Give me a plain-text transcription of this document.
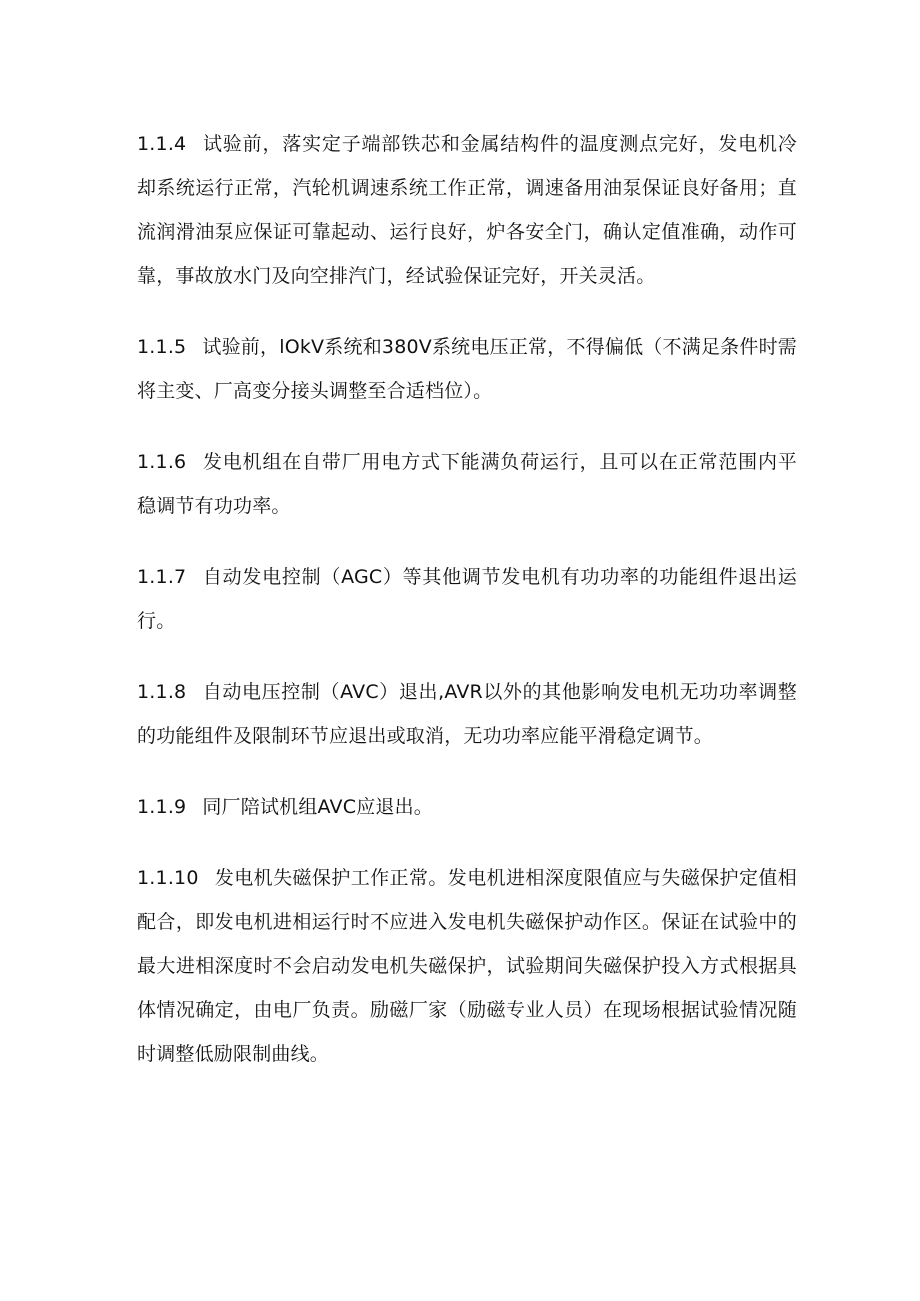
1.1.4 试验前，落实定子端部铁芯和金属结构件的温度测点完好，发电机冷却系统运行正常，汽轮机调速系统工作正常，调速备用油泵保证良好备用；直流润滑油泵应保证可靠起动、运行良好，炉各安全门，确认定值准确，动作可靠，事故放水门及向空排汽门，经试验保证完好，开关灵活。

1.1.5 试验前，lOkV系统和380V系统电压正常，不得偏低（不满足条件时需将主变、厂高变分接头调整至合适档位）。

1.1.6 发电机组在自带厂用电方式下能满负荷运行，且可以在正常范围内平稳调节有功功率。

1.1.7 自动发电控制（AGC）等其他调节发电机有功功率的功能组件退出运行。

1.1.8 自动电压控制（AVC）退出,AVR以外的其他影响发电机无功功率调整的功能组件及限制环节应退出或取消，无功功率应能平滑稳定调节。

1.1.9 同厂陪试机组AVC应退出。

1.1.10 发电机失磁保护工作正常。发电机进相深度限值应与失磁保护定值相配合，即发电机进相运行时不应进入发电机失磁保护动作区。保证在试验中的最大进相深度时不会启动发电机失磁保护，试验期间失磁保护投入方式根据具体情况确定，由电厂负责。励磁厂家（励磁专业人员）在现场根据试验情况随时调整低励限制曲线。
